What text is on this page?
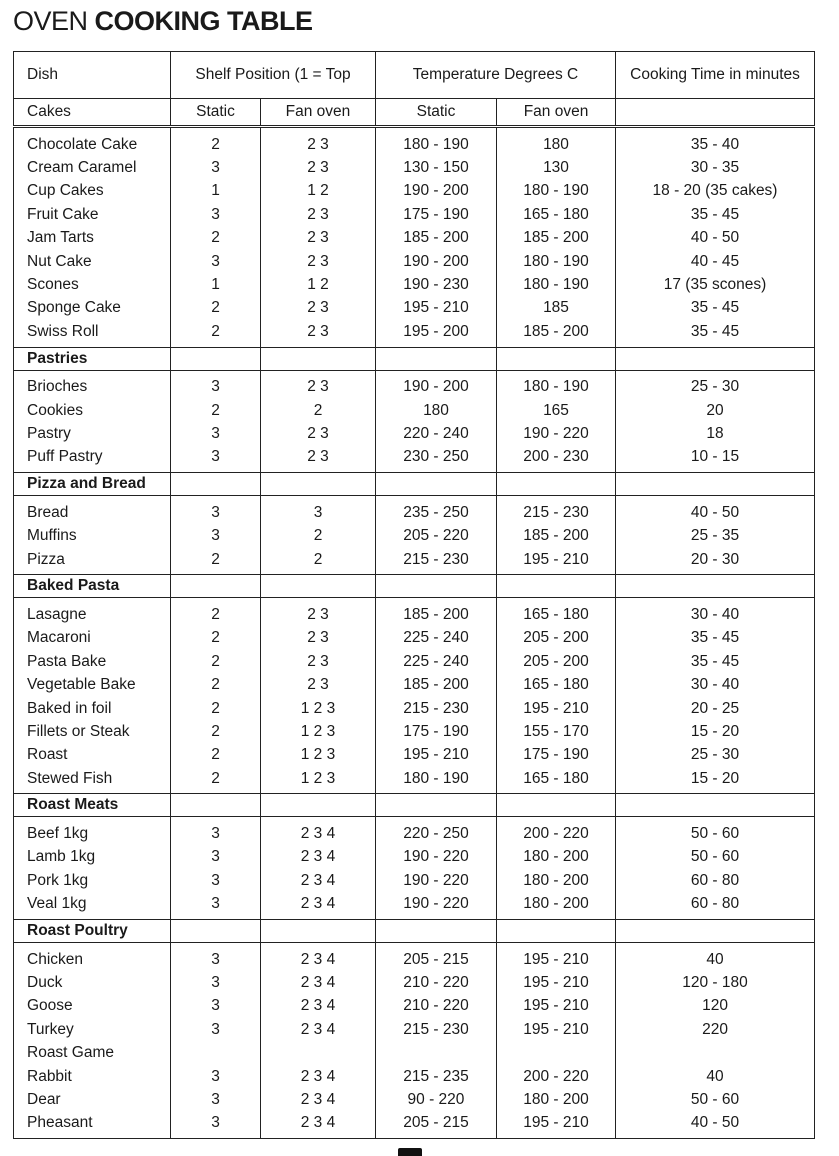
OVEN COOKING TABLE
Dish	Shelf Position (1 = Top		Temperature Degrees C		Cooking Time in minutes
Cakes	Static	Fan oven	Static	Fan oven	
Chocolate Cake	2	2 3	180 - 190	180	35 - 40
Cream Caramel	3	2 3	130 - 150	130	30 - 35
Cup Cakes	1	1 2	190 - 200	180 - 190	18 - 20 (35 cakes)
Fruit Cake	3	2 3	175 - 190	165 - 180	35 - 45
Jam Tarts	2	2 3	185 - 200	185 - 200	40 - 50
Nut Cake	3	2 3	190 - 200	180 - 190	40 - 45
Scones	1	1 2	190 - 230	180 - 190	17 (35 scones)
Sponge Cake	2	2 3	195 - 210	185	35 - 45
Swiss Roll	2	2 3	195 - 200	185 - 200	35 - 45
Pastries					
Brioches	3	2 3	190 - 200	180 - 190	25 - 30
Cookies	2	2	180	165	20
Pastry	3	2 3	220 - 240	190 - 220	18
Puff Pastry	3	2 3	230 - 250	200 - 230	10 - 15
Pizza and Bread					
Bread	3	3	235 - 250	215 - 230	40 - 50
Muffins	3	2	205 - 220	185 - 200	25 - 35
Pizza	2	2	215 - 230	195 - 210	20 - 30
Baked Pasta					
Lasagne	2	2 3	185 - 200	165 - 180	30 - 40
Macaroni	2	2 3	225 - 240	205 - 200	35 - 45
Pasta Bake	2	2 3	225 - 240	205 - 200	35 - 45
Vegetable Bake	2	2 3	185 - 200	165 - 180	30 - 40
Baked in foil	2	1 2 3	215 - 230	195 - 210	20 - 25
Fillets or Steak	2	1 2 3	175 - 190	155 - 170	15 - 20
Roast	2	1 2 3	195 - 210	175 - 190	25 - 30
Stewed Fish	2	1 2 3	180 - 190	165 - 180	15 - 20
Roast Meats					
Beef 1kg	3	2 3 4	220 - 250	200 - 220	50 - 60
Lamb 1kg	3	2 3 4	190 - 220	180 - 200	50 - 60
Pork 1kg	3	2 3 4	190 - 220	180 - 200	60 - 80
Veal 1kg	3	2 3 4	190 - 220	180 - 200	60 - 80
Roast Poultry					
Chicken	3	2 3 4	205 - 215	195 - 210	40
Duck	3	2 3 4	210 - 220	195 - 210	120 - 180
Goose	3	2 3 4	210 - 220	195 - 210	120
Turkey	3	2 3 4	215 - 230	195 - 210	220
Roast Game					
Rabbit	3	2 3 4	215 - 235	200 - 220	40
Dear	3	2 3 4	90 - 220	180 - 200	50 - 60
Pheasant	3	2 3 4	205 - 215	195 - 210	40 - 50
